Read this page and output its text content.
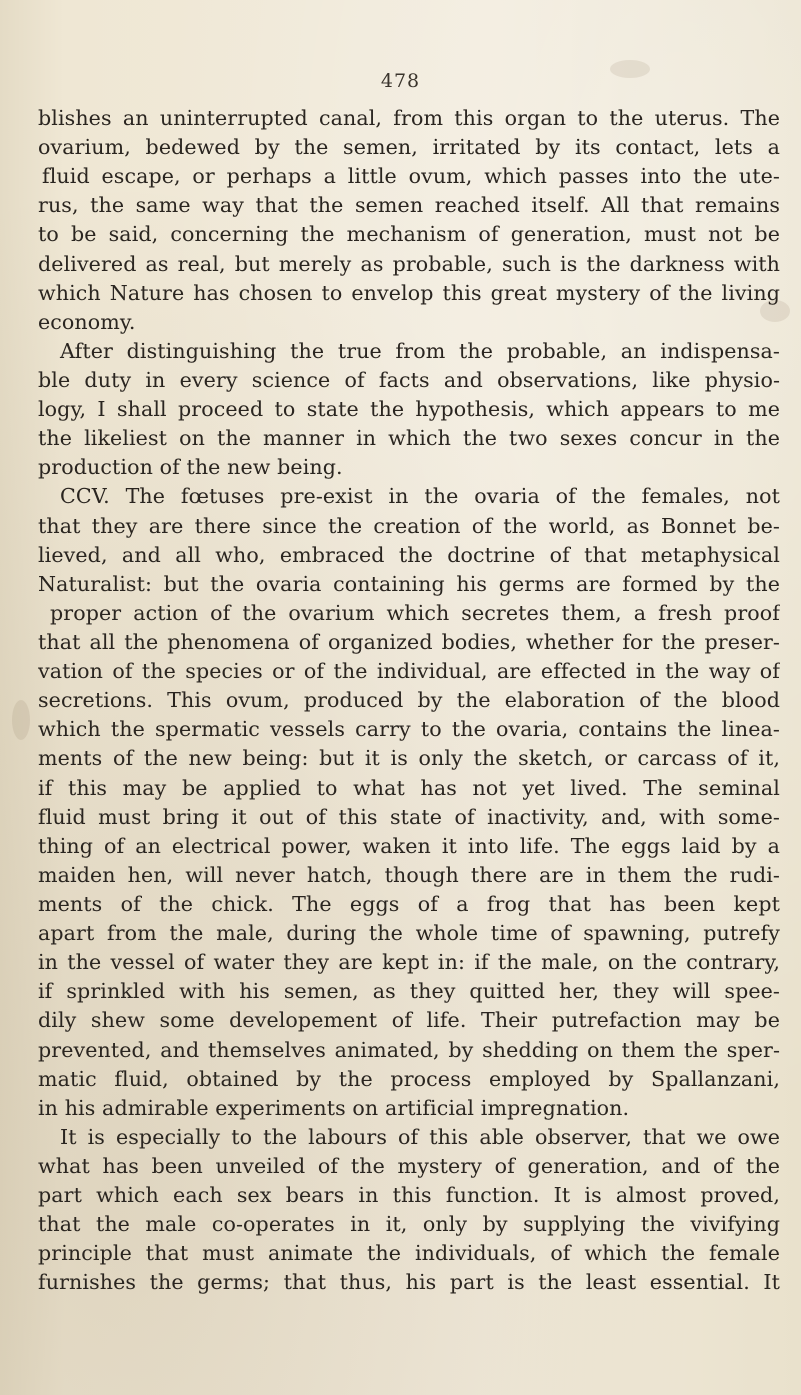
478
blishes an uninterrupted canal, from this organ to the uterus. The
ovarium, bedewed by the semen, irritated by its contact, lets a
fluid escape, or perhaps a little ovum, which passes into the ute-
rus, the same way that the semen reached itself. All that remains
to be said, concerning the mechanism of generation, must not be
delivered as real, but merely as probable, such is the darkness with
which Nature has chosen to envelop this great mystery of the living
economy.
After distinguishing the true from the probable, an indispensa-
ble duty in every science of facts and observations, like physio-
logy, I shall proceed to state the hypothesis, which appears to me
the likeliest on the manner in which the two sexes concur in the
production of the new being.
CCV. The fœtuses pre-exist in the ovaria of the females, not
that they are there since the creation of the world, as Bonnet be-
lieved, and all who, embraced the doctrine of that metaphysical
Naturalist: but the ovaria containing his germs are formed by the
proper action of the ovarium which secretes them, a fresh proof
that all the phenomena of organized bodies, whether for the preser-
vation of the species or of the individual, are effected in the way of
secretions. This ovum, produced by the elaboration of the blood
which the spermatic vessels carry to the ovaria, contains the linea-
ments of the new being: but it is only the sketch, or carcass of it,
if this may be applied to what has not yet lived. The seminal
fluid must bring it out of this state of inactivity, and, with some-
thing of an electrical power, waken it into life. The eggs laid by a
maiden hen, will never hatch, though there are in them the rudi-
ments of the chick. The eggs of a frog that has been kept
apart from the male, during the whole time of spawning, putrefy
in the vessel of water they are kept in: if the male, on the contrary,
if sprinkled with his semen, as they quitted her, they will spee-
dily shew some developement of life. Their putrefaction may be
prevented, and themselves animated, by shedding on them the sper-
matic fluid, obtained by the process employed by Spallanzani,
in his admirable experiments on artificial impregnation.
It is especially to the labours of this able observer, that we owe
what has been unveiled of the mystery of generation, and of the
part which each sex bears in this function. It is almost proved,
that the male co-operates in it, only by supplying the vivifying
principle that must animate the individuals, of which the female
furnishes the germs; that thus, his part is the least essential. It
